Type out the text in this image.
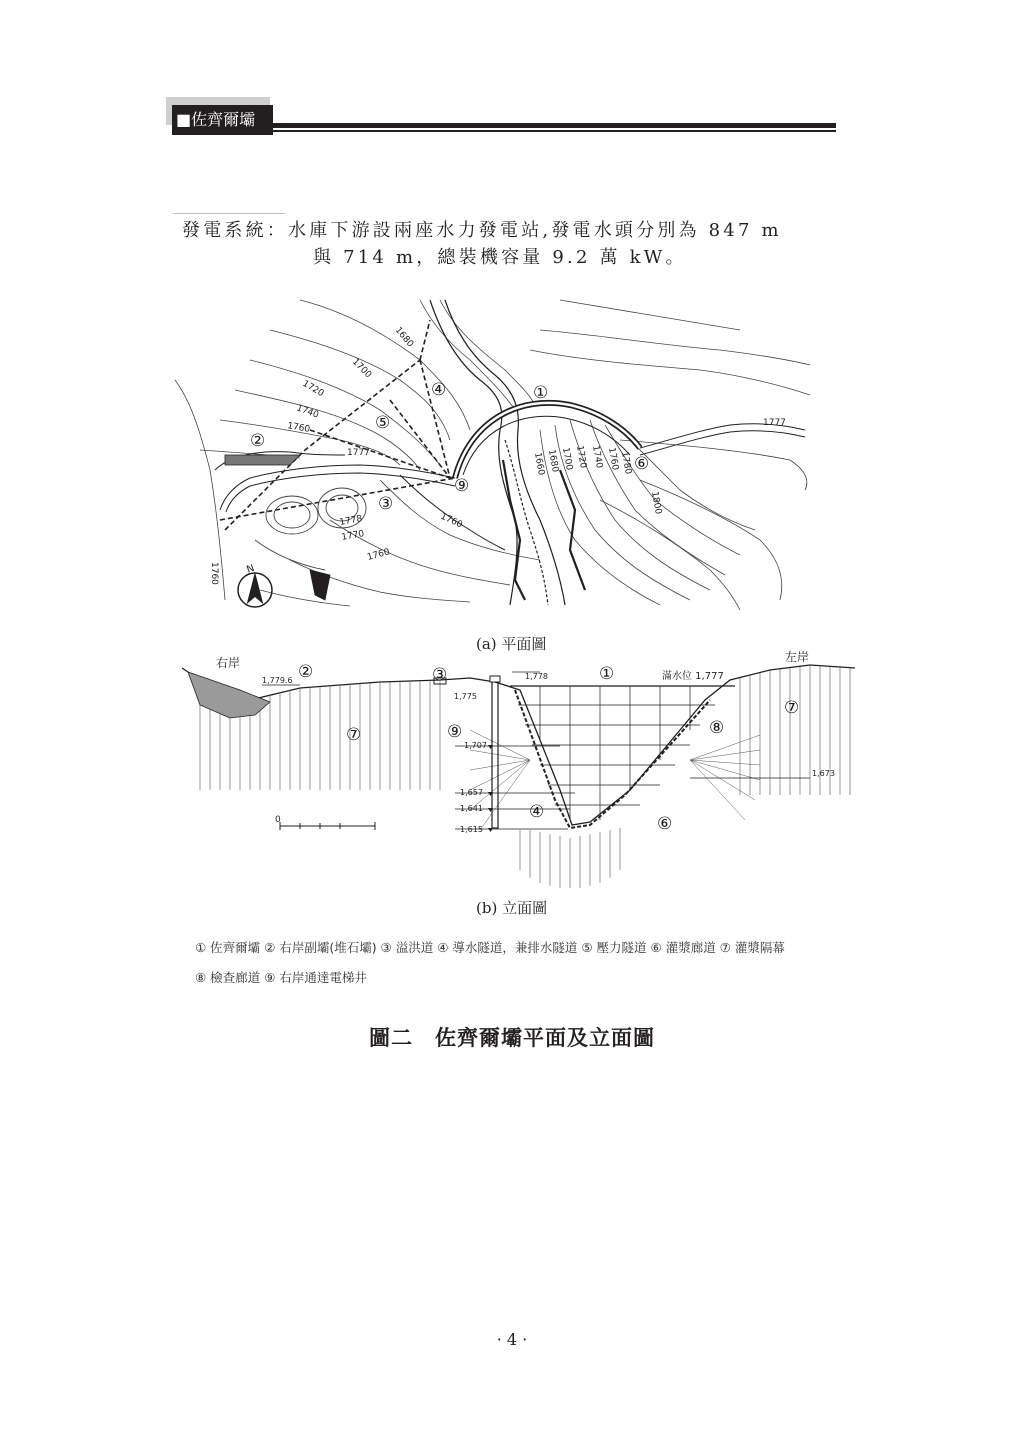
■佐齊爾壩
發電系統：水庫下游設兩座水力發電站,發電水頭分別為 847 m
與 714 m，總裝機容量 9.2 萬 kW。
N
1680
1700
1720
1740
1760
1777
1777
1660 1680 1700 1720 1740 1760 1780
1800
1778
1770
1760
1760
1760
①
②
③
④
⑤
⑥
⑨
右岸	左岸
滿水位 1,777
1,779.6	1,778
1,775
1,707
1,657
1,641
1,615
1,673
0
①
②	③
④
⑥
⑦
⑦
⑧
⑨
(a) 平面圖
(b) 立面圖
① 佐齊爾壩 ② 右岸副壩(堆石壩) ③ 溢洪道 ④ 導水隧道，兼排水隧道 ⑤ 壓力隧道 ⑥ 灌漿廊道 ⑦ 灌漿隔幕
⑧ 檢查廊道 ⑨ 右岸通達電梯井
圖二　佐齊爾壩平面及立面圖
· 4 ·
